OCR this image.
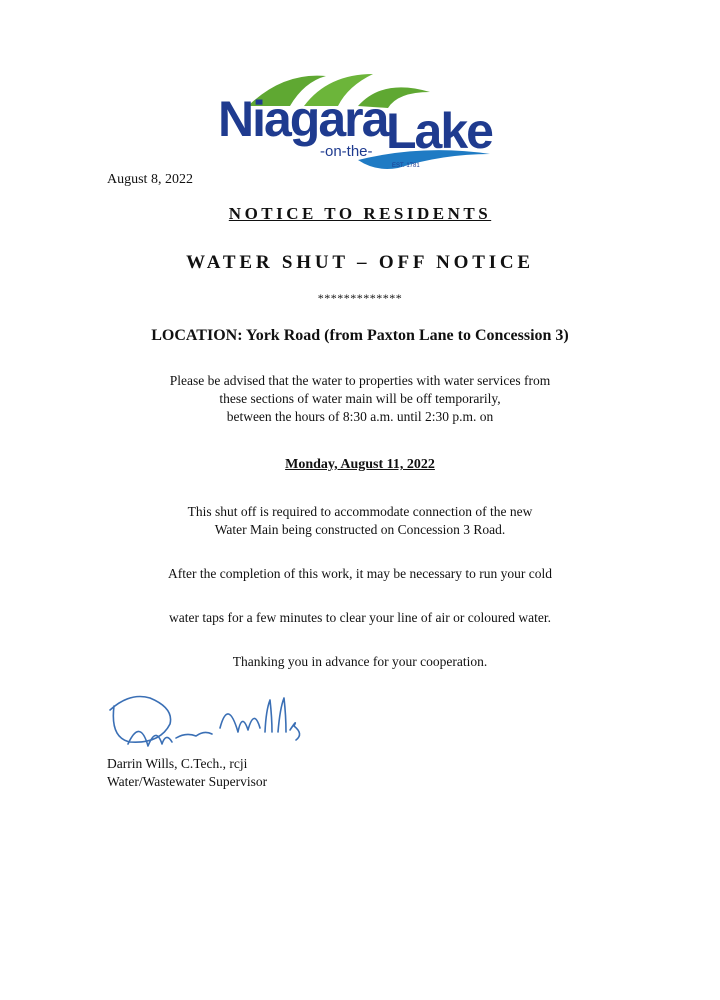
Niagara
Lake
-on-the-
EST. 1781
August 8, 2022
NOTICE TO RESIDENTS
WATER SHUT – OFF NOTICE
*************
LOCATION: York Road (from Paxton Lane to Concession 3)
Please be advised that the water to properties with water services from
these sections of water main will be off temporarily,
between the hours of 8:30 a.m. until 2:30 p.m. on
Monday, August 11, 2022
This shut off is required to accommodate connection of the new
Water Main being constructed on Concession 3 Road.
After the completion of this work, it may be necessary to run your cold
water taps for a few minutes to clear your line of air or coloured water.
Thanking you in advance for your cooperation.
Darrin Wills, C.Tech., rcji
Water/Wastewater Supervisor
